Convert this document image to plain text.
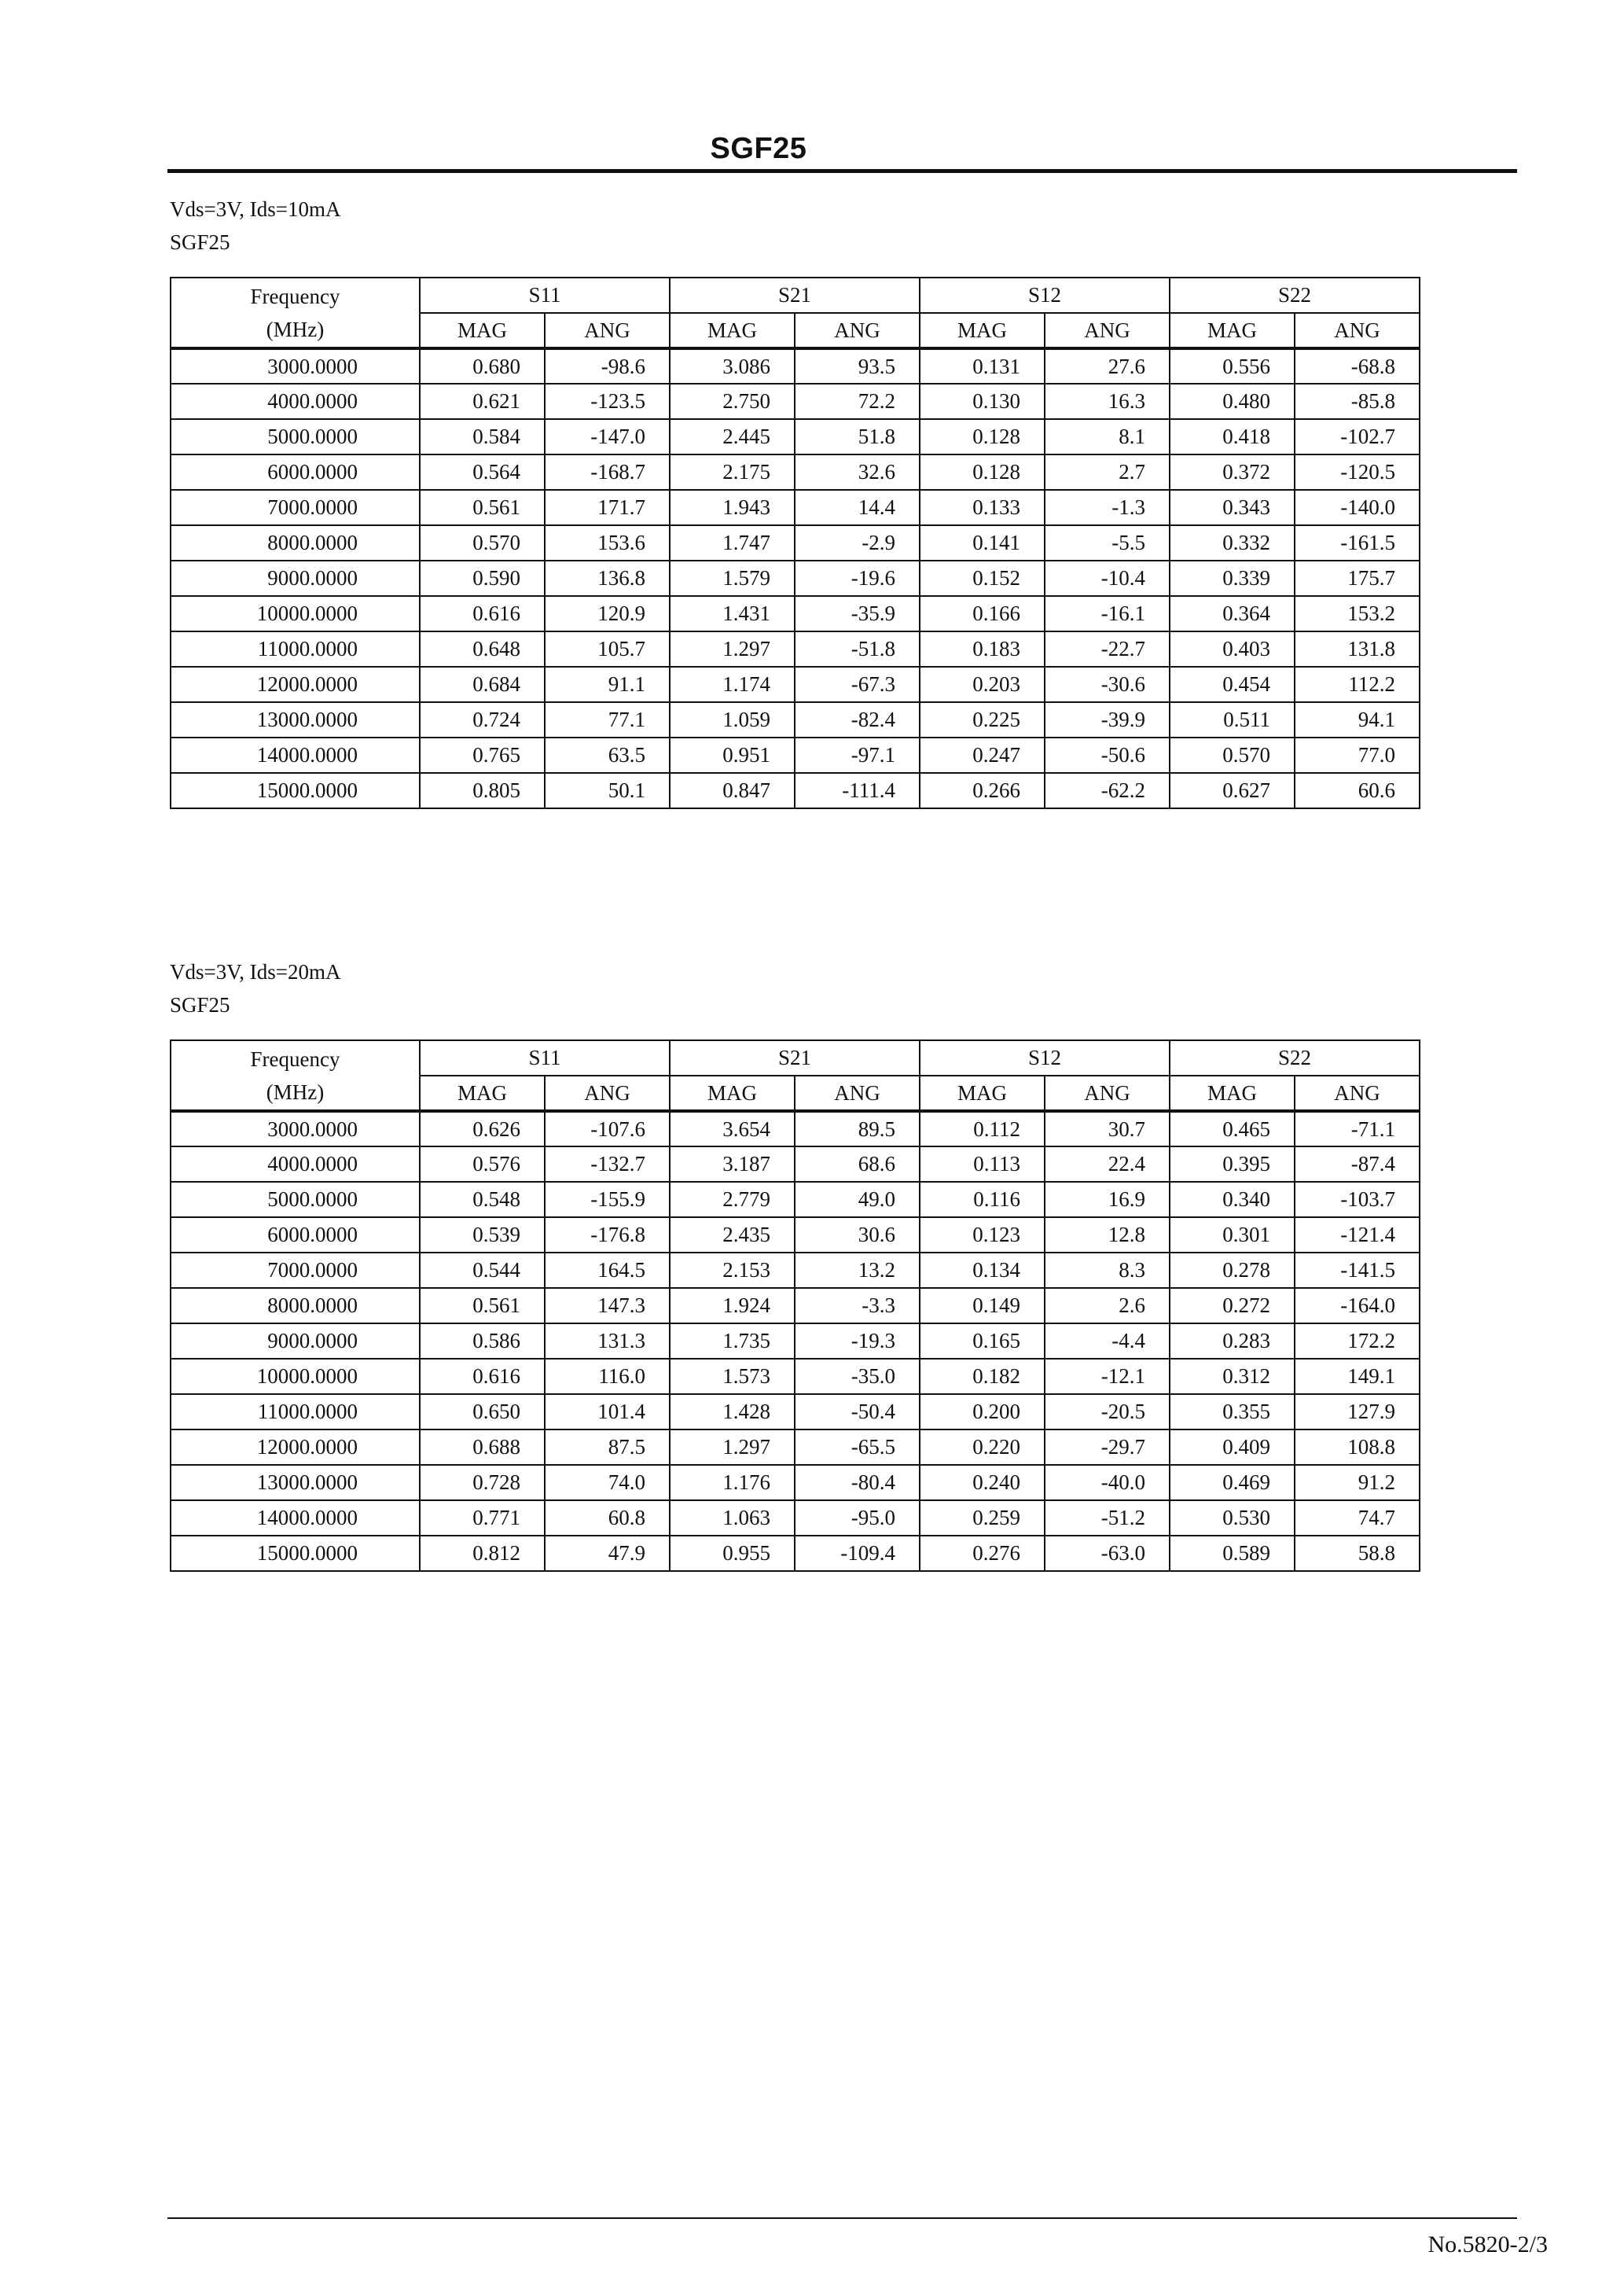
SGF25
Vds=3V, Ids=10mA
SGF25
Frequency
(MHz)	S11		S21		S12		S22	
	MAG	ANG	MAG	ANG	MAG	ANG	MAG	ANG
3000.0000	0.680	-98.6	3.086	93.5	0.131	27.6	0.556	-68.8
4000.0000	0.621	-123.5	2.750	72.2	0.130	16.3	0.480	-85.8
5000.0000	0.584	-147.0	2.445	51.8	0.128	8.1	0.418	-102.7
6000.0000	0.564	-168.7	2.175	32.6	0.128	2.7	0.372	-120.5
7000.0000	0.561	171.7	1.943	14.4	0.133	-1.3	0.343	-140.0
8000.0000	0.570	153.6	1.747	-2.9	0.141	-5.5	0.332	-161.5
9000.0000	0.590	136.8	1.579	-19.6	0.152	-10.4	0.339	175.7
10000.0000	0.616	120.9	1.431	-35.9	0.166	-16.1	0.364	153.2
11000.0000	0.648	105.7	1.297	-51.8	0.183	-22.7	0.403	131.8
12000.0000	0.684	91.1	1.174	-67.3	0.203	-30.6	0.454	112.2
13000.0000	0.724	77.1	1.059	-82.4	0.225	-39.9	0.511	94.1
14000.0000	0.765	63.5	0.951	-97.1	0.247	-50.6	0.570	77.0
15000.0000	0.805	50.1	0.847	-111.4	0.266	-62.2	0.627	60.6
Vds=3V, Ids=20mA
SGF25
Frequency
(MHz)	S11		S21		S12		S22	
	MAG	ANG	MAG	ANG	MAG	ANG	MAG	ANG
3000.0000	0.626	-107.6	3.654	89.5	0.112	30.7	0.465	-71.1
4000.0000	0.576	-132.7	3.187	68.6	0.113	22.4	0.395	-87.4
5000.0000	0.548	-155.9	2.779	49.0	0.116	16.9	0.340	-103.7
6000.0000	0.539	-176.8	2.435	30.6	0.123	12.8	0.301	-121.4
7000.0000	0.544	164.5	2.153	13.2	0.134	8.3	0.278	-141.5
8000.0000	0.561	147.3	1.924	-3.3	0.149	2.6	0.272	-164.0
9000.0000	0.586	131.3	1.735	-19.3	0.165	-4.4	0.283	172.2
10000.0000	0.616	116.0	1.573	-35.0	0.182	-12.1	0.312	149.1
11000.0000	0.650	101.4	1.428	-50.4	0.200	-20.5	0.355	127.9
12000.0000	0.688	87.5	1.297	-65.5	0.220	-29.7	0.409	108.8
13000.0000	0.728	74.0	1.176	-80.4	0.240	-40.0	0.469	91.2
14000.0000	0.771	60.8	1.063	-95.0	0.259	-51.2	0.530	74.7
15000.0000	0.812	47.9	0.955	-109.4	0.276	-63.0	0.589	58.8
No.5820-2/3
